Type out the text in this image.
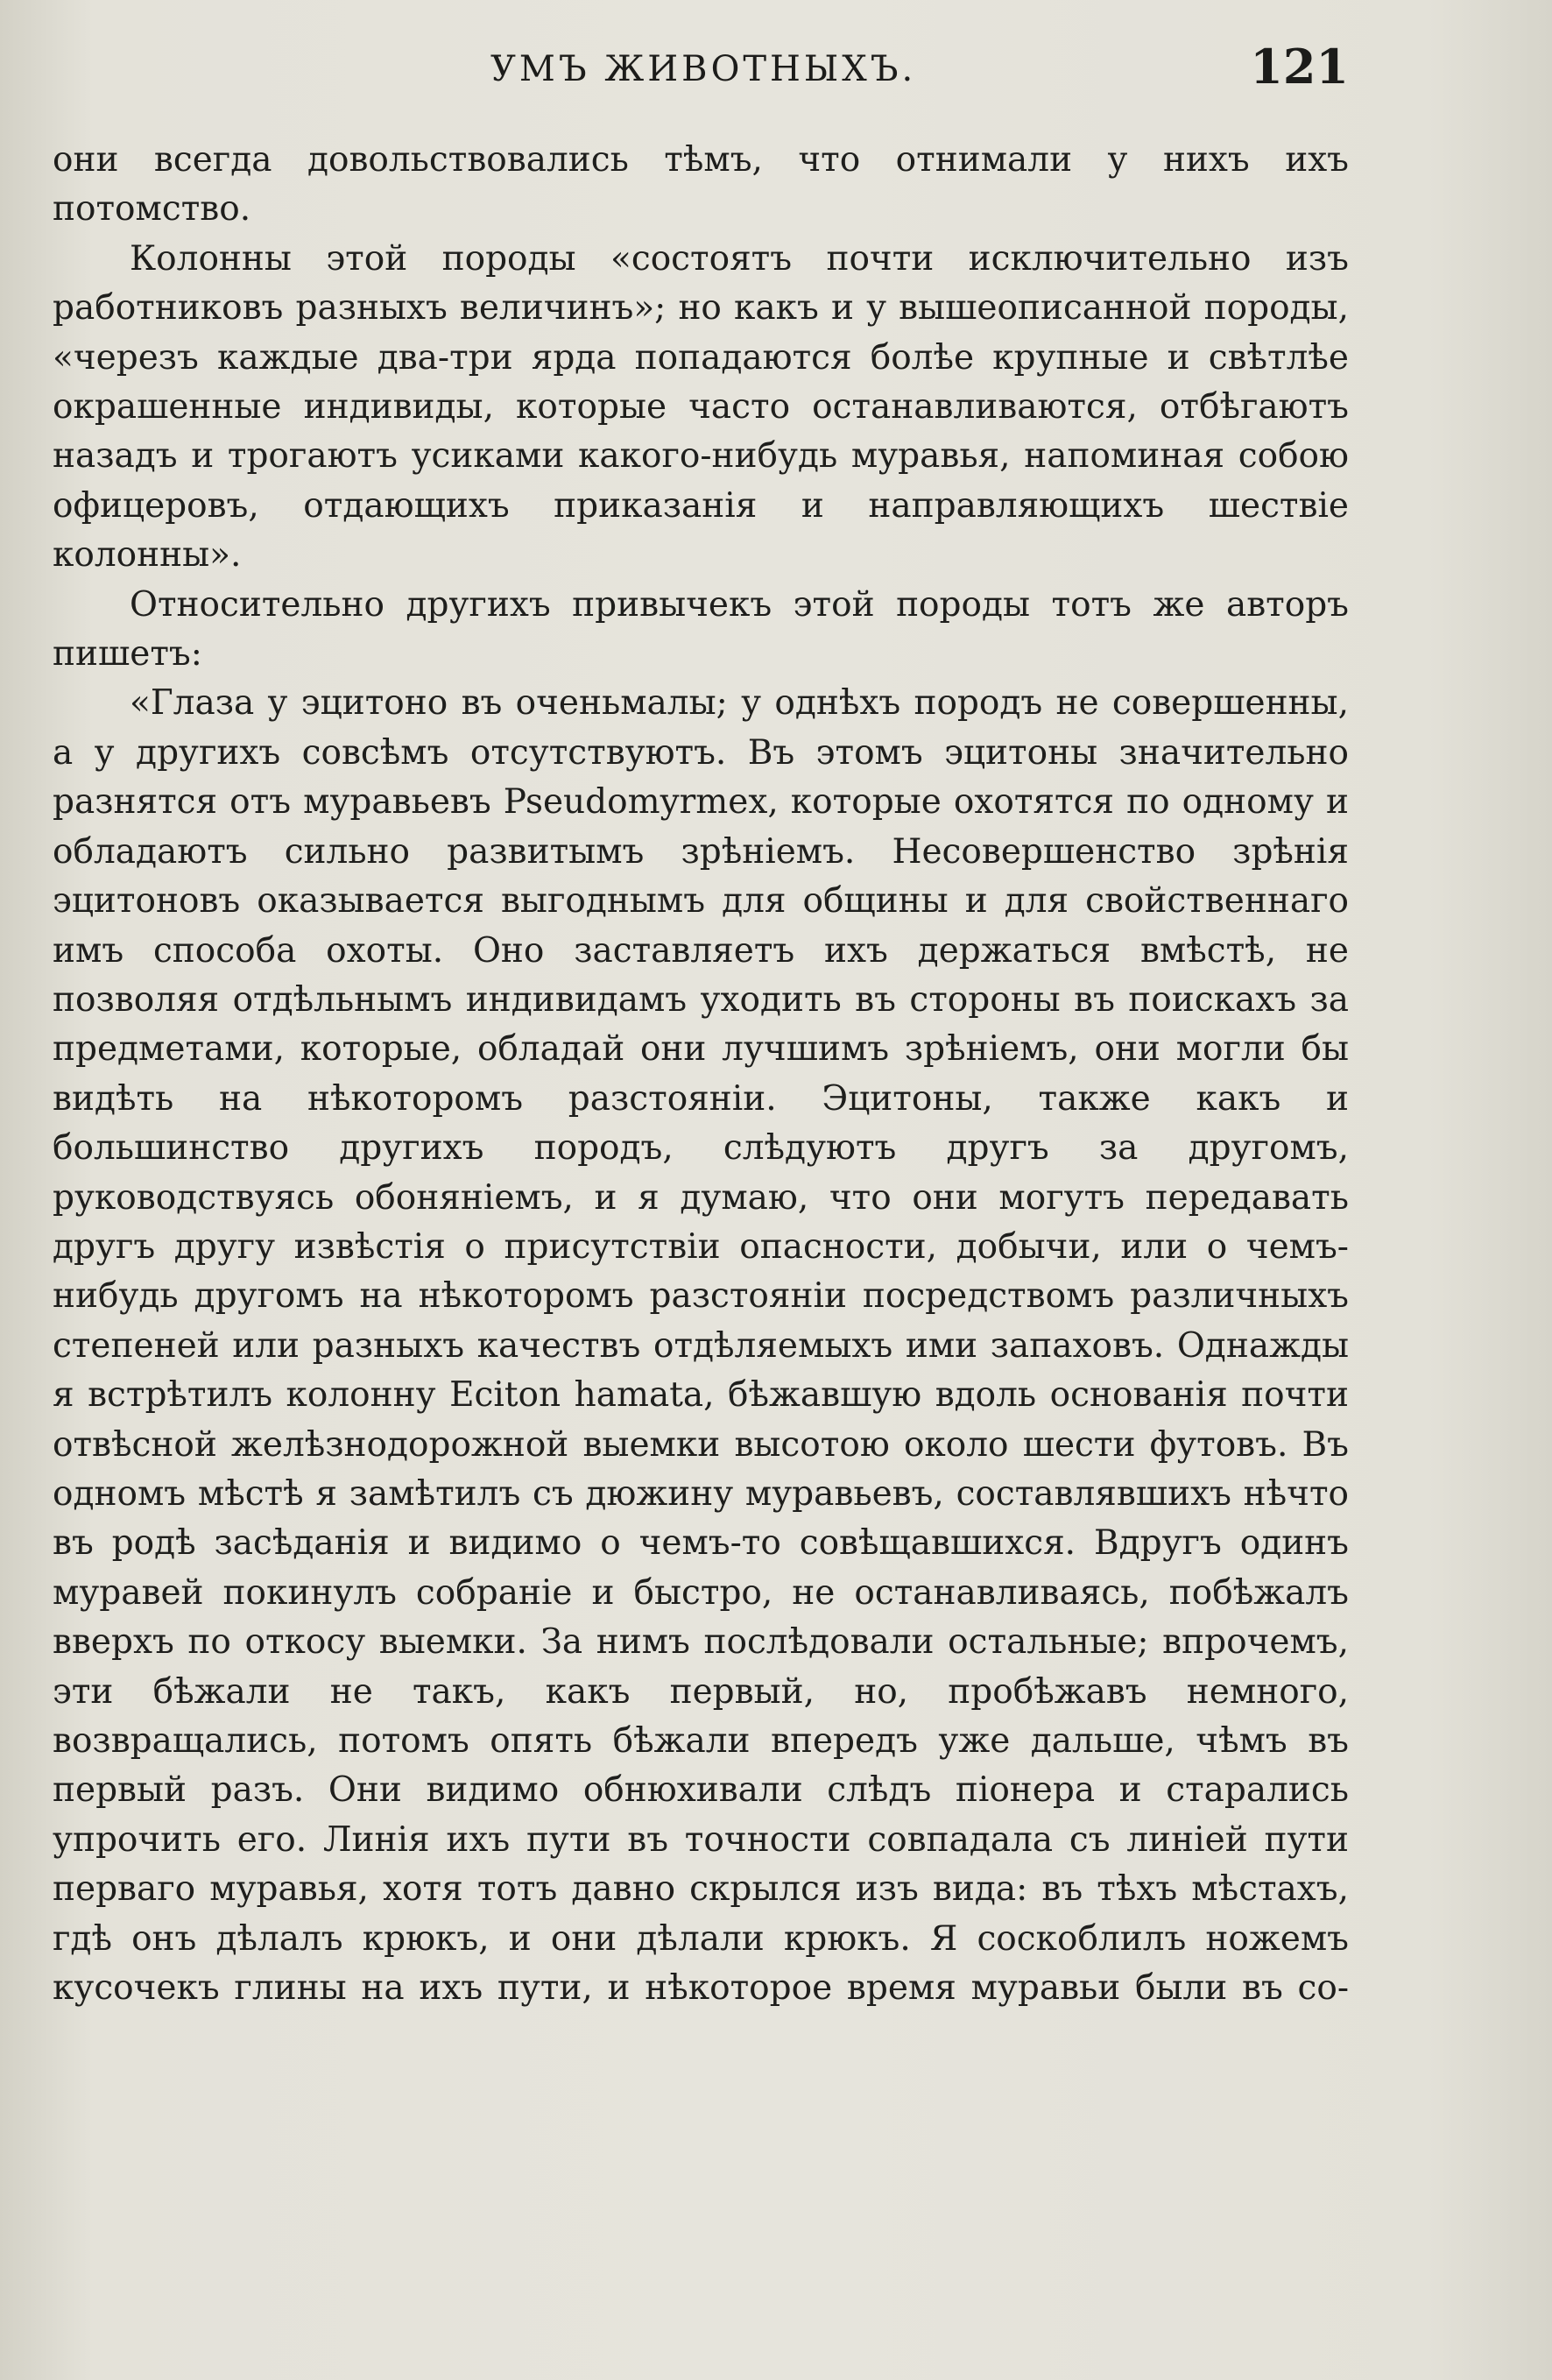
УМЪ ЖИВОТНЫХЪ.	121

они всегда довольствовались тѣмъ, что отнимали у нихъ ихъ потомство.

Колонны этой породы «состоятъ почти исключительно изъ работниковъ разныхъ величинъ»; но какъ и у вышеописанной породы, «черезъ каждые два-три ярда попадаются болѣе крупные и свѣтлѣе окрашенные индивиды, которые часто останавливаются, отбѣгаютъ назадъ и трогаютъ усиками какого-нибудь муравья, напоминая собою офицеровъ, отдающихъ приказанія и направляющихъ шествіе колонны».

Относительно другихъ привычекъ этой породы тотъ же авторъ пишетъ:

«Глаза у эцитоно въ оченьмалы; у однѣхъ породъ не совершенны, а у другихъ совсѣмъ отсутствуютъ. Въ этомъ эцитоны значительно разнятся отъ муравьевъ Pseudomyrmex, которые охотятся по одному и обладаютъ сильно развитымъ зрѣніемъ. Несовершенство зрѣнія эцитоновъ оказывается выгоднымъ для общины и для свойственнаго имъ способа охоты. Оно заставляетъ ихъ держаться вмѣстѣ, не позволяя отдѣльнымъ индивидамъ уходить въ стороны въ поискахъ за предметами, которые, обладай они лучшимъ зрѣніемъ, они могли бы видѣть на нѣкоторомъ разстояніи. Эцитоны, также какъ и большинство другихъ породъ, слѣдуютъ другъ за другомъ, руководствуясь обоняніемъ, и я думаю, что они могутъ передавать другъ другу извѣстія о присутствіи опасности, добычи, или о чемъ-нибудь другомъ на нѣкоторомъ разстояніи посредствомъ различныхъ степеней или разныхъ качествъ отдѣляемыхъ ими запаховъ. Однажды я встрѣтилъ колонну Eciton hamata, бѣжавшую вдоль основанія почти отвѣсной желѣзнодорожной выемки высотою около шести футовъ. Въ одномъ мѣстѣ я замѣтилъ съ дюжину муравьевъ, составлявшихъ нѣчто въ родѣ засѣданія и видимо о чемъ-то совѣщавшихся. Вдругъ одинъ муравей покинулъ собраніе и быстро, не останавливаясь, побѣжалъ вверхъ по откосу выемки. За нимъ послѣдовали остальные; впрочемъ, эти бѣжали не такъ, какъ первый, но, пробѣжавъ немного, возвращались, потомъ опять бѣжали впередъ уже дальше, чѣмъ въ первый разъ. Они видимо обнюхивали слѣдъ піонера и старались упрочить его. Линія ихъ пути въ точности совпадала съ линіей пути перваго муравья, хотя тотъ давно скрылся изъ вида: въ тѣхъ мѣстахъ, гдѣ онъ дѣлалъ крюкъ, и они дѣлали крюкъ. Я соскоблилъ ножемъ кусочекъ глины на ихъ пути, и нѣкоторое время муравьи были въ со-
